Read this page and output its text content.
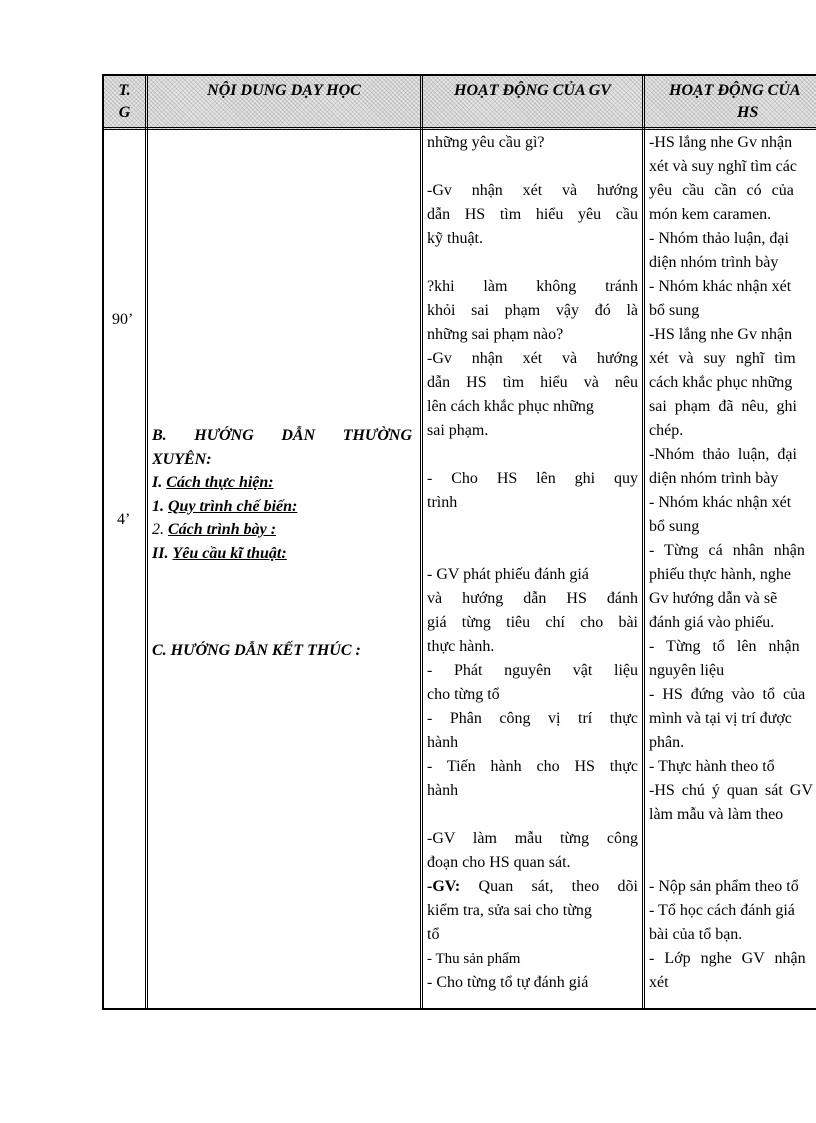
T.
G
NỘI DUNG DẠY HỌC	HOẠT ĐỘNG CỦA GV	HOẠT ĐỘNG CỦA
HS
90’
4’
B. HƯỚNG DẪN THƯỜNG
XUYÊN:
I. Cách thực hiện:
1. Quy trình chế biến:
2. Cách trình bày :
II. Yêu cầu kĩ thuật:
C. HƯỚNG DẪN KẾT THÚC :
những yêu cầu gì?

-Gv nhận xét và hướng
dẫn HS tìm hiểu yêu cầu
kỹ thuật.

?khi làm không tránh
khỏi sai phạm vậy đó là
những sai phạm nào?
-Gv nhận xét và hướng
dẫn HS tìm hiểu và nêu
lên cách khắc phục những
sai phạm.

- Cho HS lên ghi quy
trình

- GV phát phiếu đánh giá
và hướng dẫn HS đánh
giá từng tiêu chí cho bài
thực hành.
- Phát nguyên vật liệu
cho từng tổ
- Phân công vị trí thực
hành
- Tiến hành cho HS thực
hành

-GV làm mẫu từng công
đoạn cho HS quan sát.
-GV: Quan sát, theo dõi
kiểm tra, sửa sai cho từng
tổ
- Thu sản phẩm
- Cho từng tổ tự đánh giá
-HS lắng nhe Gv nhận
xét và suy nghĩ tìm các
yêu cầu cần có của
món kem caramen.
- Nhóm thảo luận, đại
diện nhóm trình bày
- Nhóm khác nhận xét
bổ sung
-HS lắng nhe Gv nhận
xét và suy nghĩ tìm
cách khắc phục những
sai phạm đã nêu, ghi
chép.
-Nhóm thảo luận, đại
diện nhóm trình bày
- Nhóm khác nhận xét
bổ sung
- Từng cá nhân nhận
phiếu thực hành, nghe
Gv hướng dẫn và sẽ
đánh giá vào phiếu.
- Từng tổ lên nhận
nguyên liệu
- HS đứng vào tổ của
mình và tại vị trí được
phân.
- Thực hành theo tổ
-HS chú ý quan sát GV
làm mẫu và làm theo

- Nộp sản phẩm theo tổ
- Tổ học cách đánh giá
bài của tổ bạn.
- Lớp nghe GV nhận
xét
